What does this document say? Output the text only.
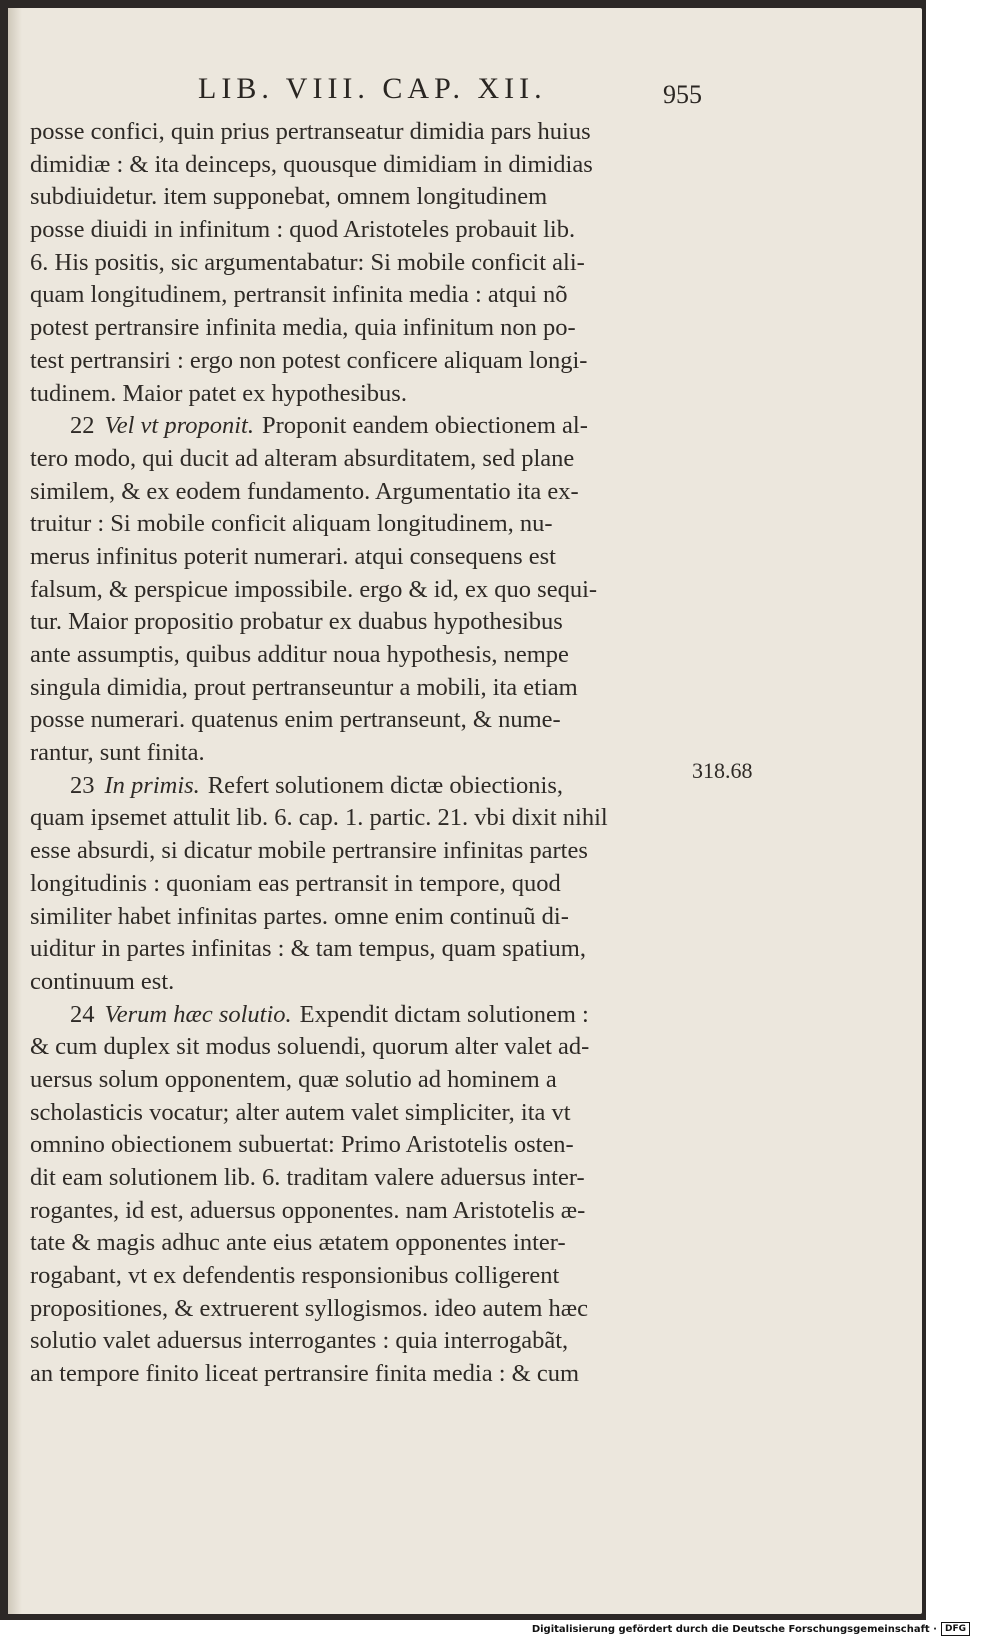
LIB. VIII. CAP. XII.	955
posse confici, quin prius pertranseatur dimidia pars huius
dimidiæ : & ita deinceps, quousque dimidiam in dimidias
subdiuidetur. item supponebat, omnem longitudinem
posse diuidi in infinitum : quod Aristoteles probauit lib.
6. His positis, sic argumentabatur: Si mobile conficit ali-
quam longitudinem, pertransit infinita media : atqui nõ
potest pertransire infinita media, quia infinitum non po-
test pertransiri : ergo non potest conficere aliquam longi-
tudinem. Maior patet ex hypothesibus.
22 Vel vt proponit. Proponit eandem obiectionem al-
tero modo, qui ducit ad alteram absurditatem, sed plane
similem, & ex eodem fundamento. Argumentatio ita ex-
truitur : Si mobile conficit aliquam longitudinem, nu-
merus infinitus poterit numerari. atqui consequens est
falsum, & perspicue impossibile. ergo & id, ex quo sequi-
tur. Maior propositio probatur ex duabus hypothesibus
ante assumptis, quibus additur noua hypothesis, nempe
singula dimidia, prout pertranseuntur a mobili, ita etiam
posse numerari. quatenus enim pertranseunt, & nume-
rantur, sunt finita.
23 In primis. Refert solutionem dictæ obiectionis,
quam ipsemet attulit lib. 6. cap. 1. partic. 21. vbi dixit nihil
esse absurdi, si dicatur mobile pertransire infinitas partes
longitudinis : quoniam eas pertransit in tempore, quod
similiter habet infinitas partes. omne enim continuũ di-
uiditur in partes infinitas : & tam tempus, quam spatium,
continuum est.
24 Verum hæc solutio. Expendit dictam solutionem :
& cum duplex sit modus soluendi, quorum alter valet ad-
uersus solum opponentem, quæ solutio ad hominem a
scholasticis vocatur; alter autem valet simpliciter, ita vt
omnino obiectionem subuertat: Primo Aristotelis osten-
dit eam solutionem lib. 6. traditam valere aduersus inter-
rogantes, id est, aduersus opponentes. nam Aristotelis æ-
tate & magis adhuc ante eius ætatem opponentes inter-
rogabant, vt ex defendentis responsionibus colligerent
propositiones, & extruerent syllogismos. ideo autem hæc
solutio valet aduersus interrogantes : quia interrogabãt,
an tempore finito liceat pertransire finita media : & cum
318.68
Digitalisierung gefördert durch die Deutsche Forschungsgemeinschaft · DFG
